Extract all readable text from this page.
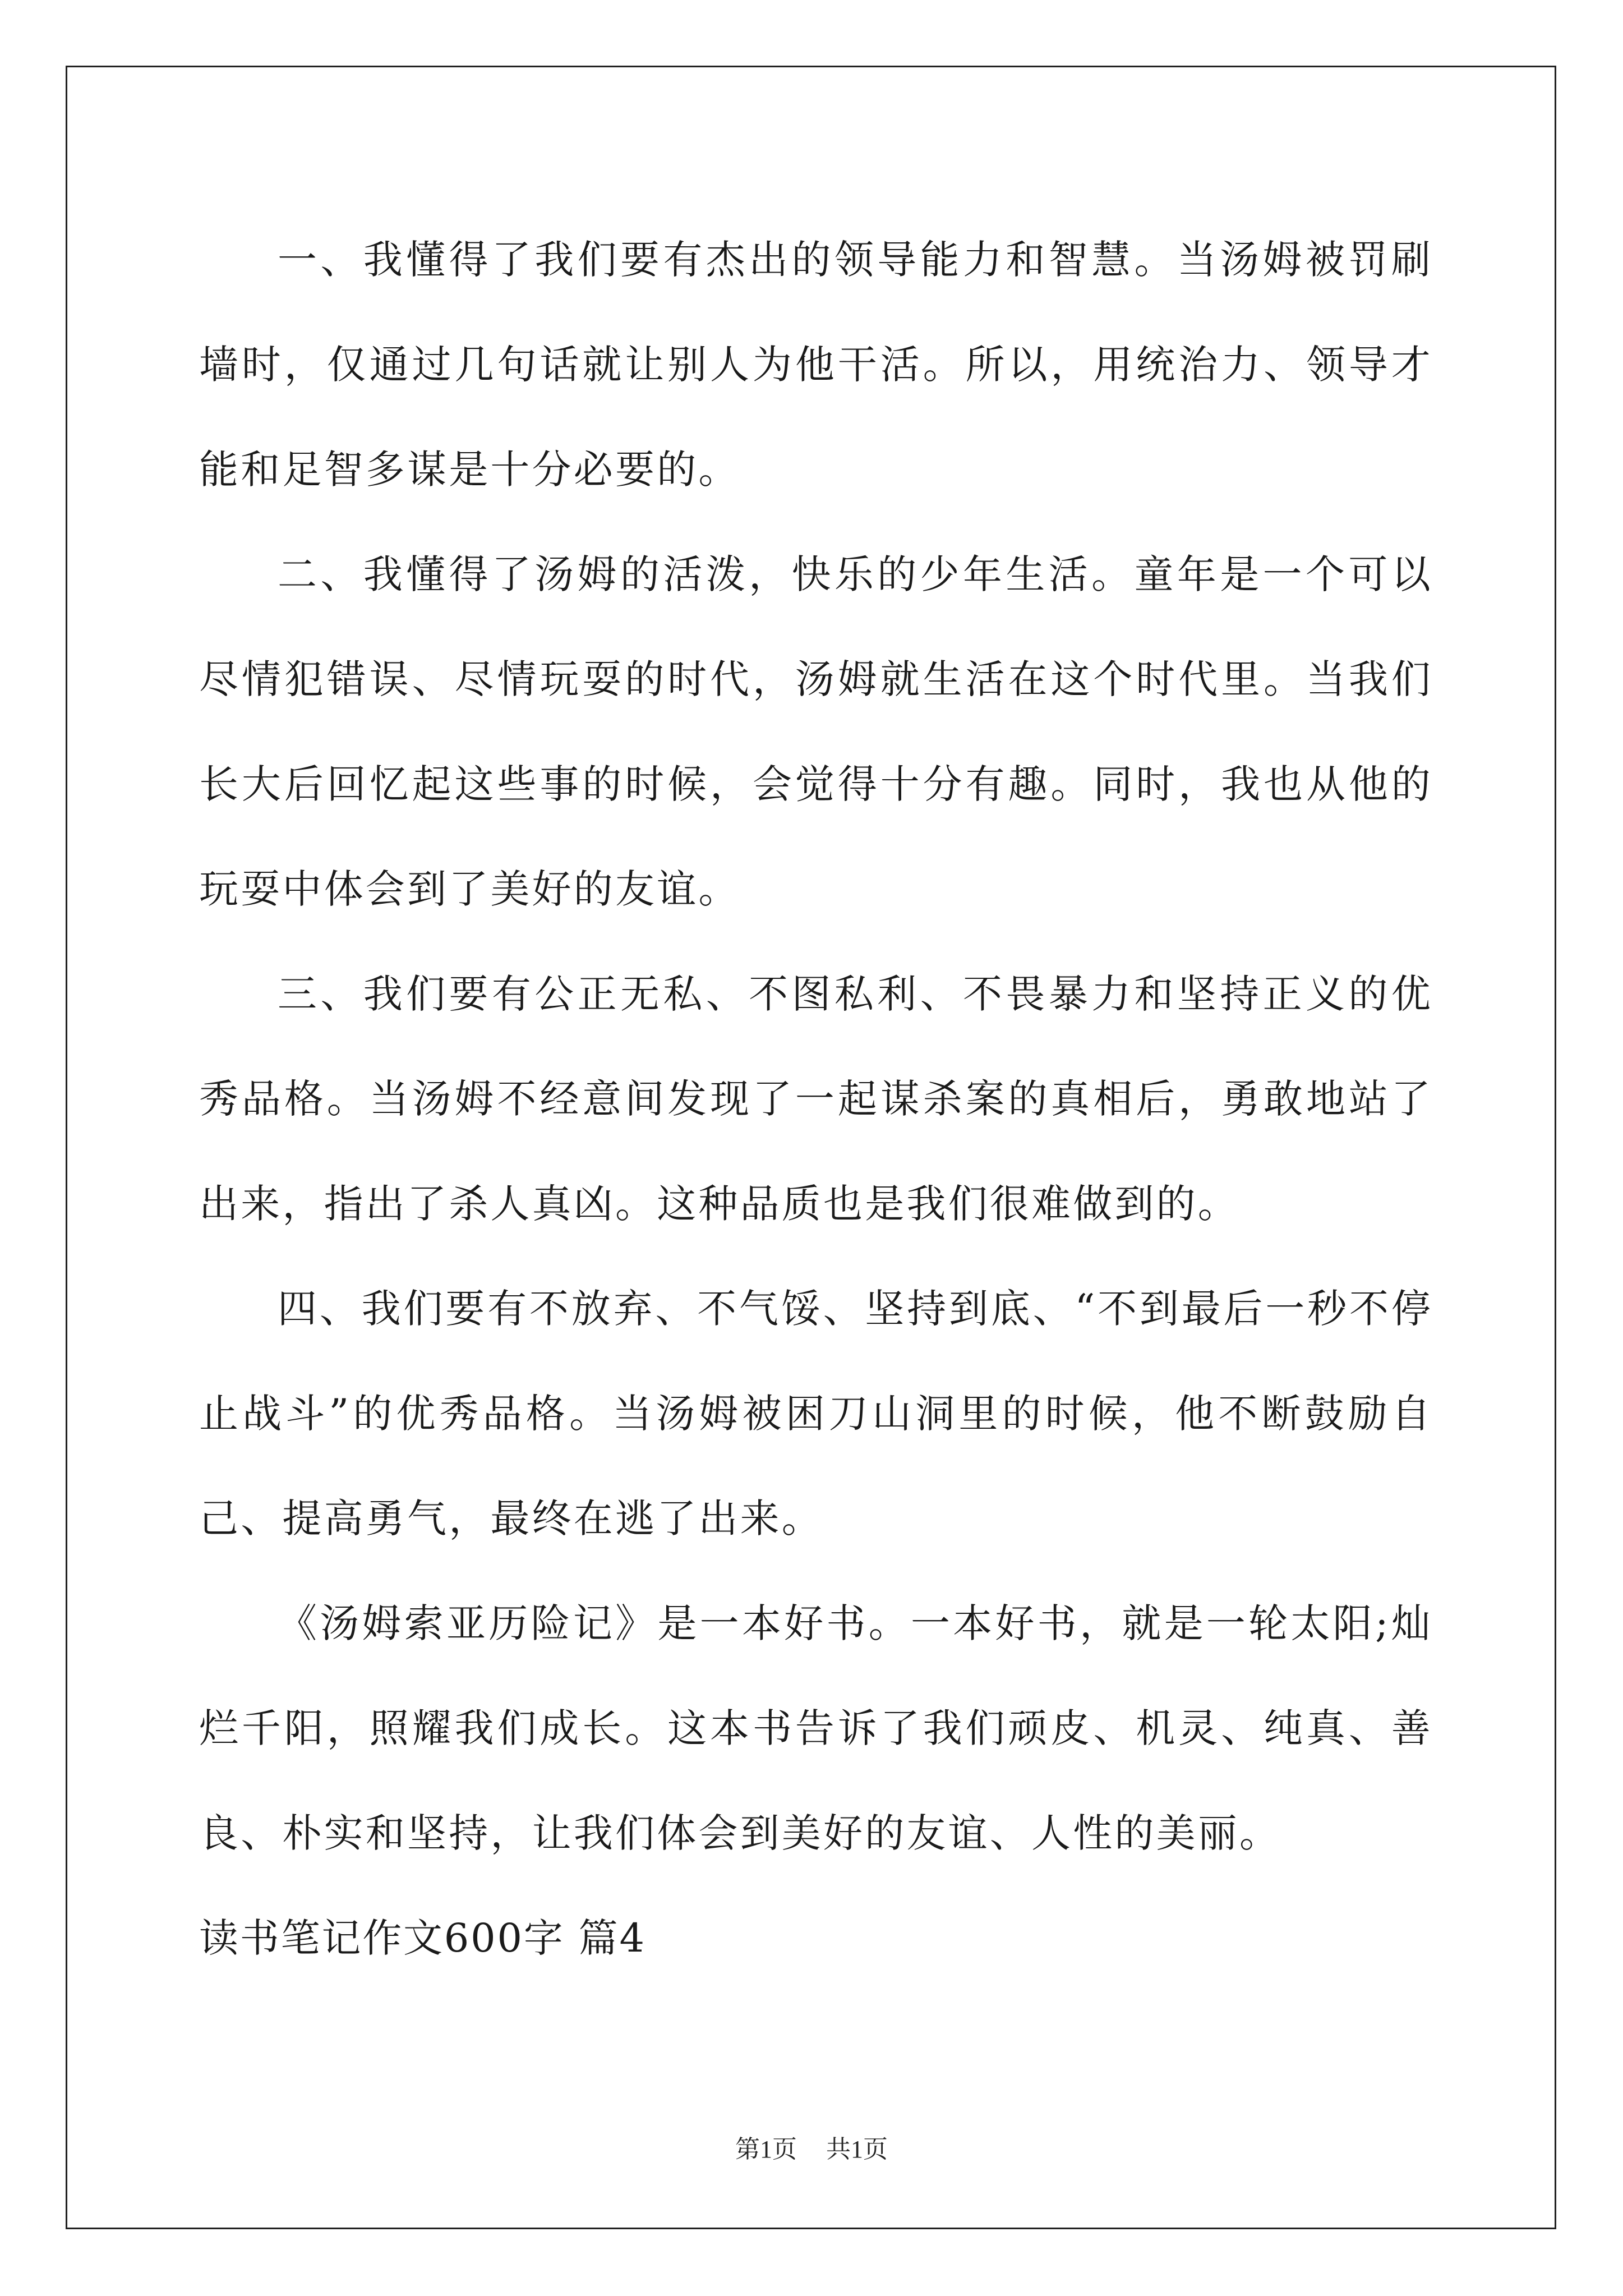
一、我懂得了我们要有杰出的领导能力和智慧。当汤姆被罚刷墙时，仅通过几句话就让别人为他干活。所以，用统治力、领导才能和足智多谋是十分必要的。

二、我懂得了汤姆的活泼，快乐的少年生活。童年是一个可以尽情犯错误、尽情玩耍的时代，汤姆就生活在这个时代里。当我们长大后回忆起这些事的时候，会觉得十分有趣。同时，我也从他的玩耍中体会到了美好的友谊。

三、我们要有公正无私、不图私利、不畏暴力和坚持正义的优秀品格。当汤姆不经意间发现了一起谋杀案的真相后，勇敢地站了出来，指出了杀人真凶。这种品质也是我们很难做到的。

四、我们要有不放弃、不气馁、坚持到底、“不到最后一秒不停止战斗”的优秀品格。当汤姆被困刀山洞里的时候，他不断鼓励自己、提高勇气，最终在逃了出来。

《汤姆索亚历险记》是一本好书。一本好书，就是一轮太阳;灿烂千阳，照耀我们成长。这本书告诉了我们顽皮、机灵、纯真、善良、朴实和坚持，让我们体会到美好的友谊、人性的美丽。

读书笔记作文600字 篇4

第1页 共1页
